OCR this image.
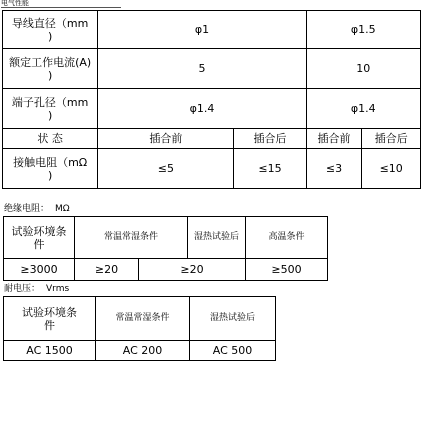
电气性能
导线直径（mm
)	φ1		φ1.5	

额定工作电流(A)
)	5		10	

端子孔径（mm
)	φ1.4		φ1.4	
状 态	插合前	插合后	插合前	插合后

接触电阻（mΩ
)	≤5	≤15	≤3	≤10
绝缘电阻： MΩ
试验环境条
件	常温常湿条件		湿热试验后	高温条件
≥3000	≥20	≥20		≥500
耐电压： Vrms
试验环境条
件	常温常湿条件	湿热试验后
AC 1500	AC 200	AC 500
